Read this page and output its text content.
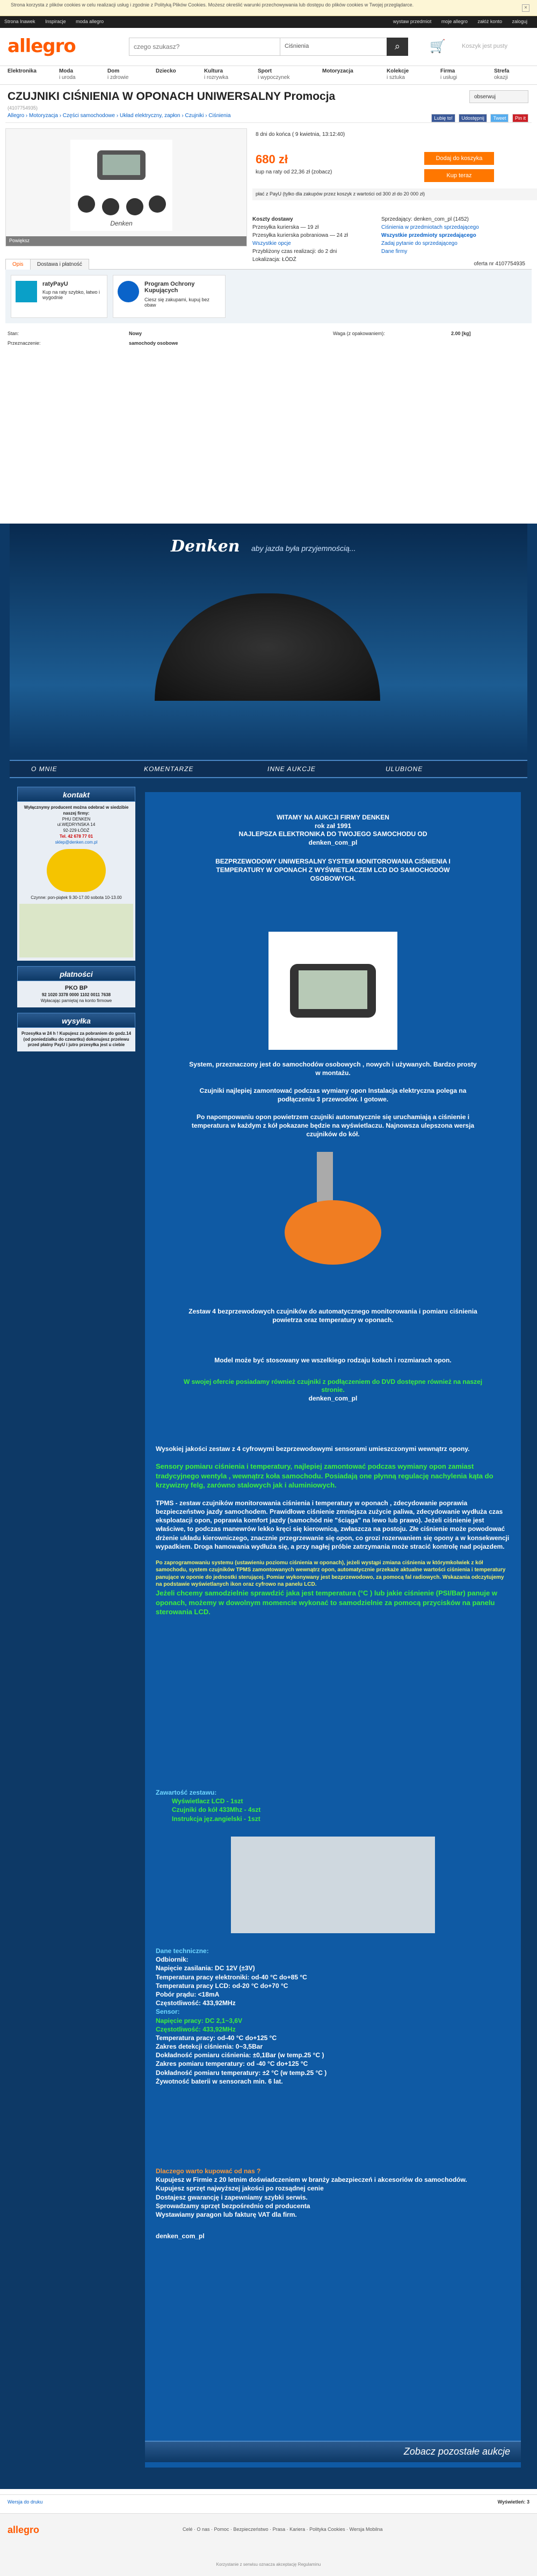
Strona korzysta z plików cookies w celu realizacji usług i zgodnie z Polityką Plików Cookies. Możesz określić warunki przechowywania lub dostępu do plików cookies w Twojej przeglądarce.	×
Strona Inawek Inspiracje moda allegro	wystaw przedmiot moje allegro załóż konto zaloguj
allegro
czego szukasz?	Ciśnienia	⌕	🛒	Koszyk jest pusty
Elektronika	Moda
i uroda
Dom
i zdrowie
Dziecko	Kultura
i rozrywka
Sport
i wypoczynek
Motoryzacja	Kolekcje
i sztuka
Firma
i usługi
Strefa
okazji
CZUJNIKI CIŚNIENIA W OPONACH UNIWERSALNY Promocja
(4107754935)
Allegro › Motoryzacja › Części samochodowe › Układ elektryczny, zapłon › Czujniki › Ciśnienia
obserwuj
Lubię to! Udostępnij Tweet Pin it
Denken
Powiększ
8 dni do końca ( 9 kwietnia, 13:12:40)
680 zł
kup na raty od 22,36 zł (zobacz)
Dodaj do koszyka
Kup teraz
płać z PayU (tylko dla zakupów przez koszyk z wartości od 300 zł do 20 000 zł)
Koszty dostawy
Przesyłka kurierska — 19 zł
Przesyłka kurierska pobraniowa — 24 zł
Wszystkie opcje
Przybliżony czas realizacji: do 2 dni
Lokalizacja: ŁÓDŹ
Sprzedający: denken_com_pl (1452)
Ciśnienia w przedmiotach sprzedającego
Wszystkie przedmioty sprzedającego
Zadaj pytanie do sprzedającego
Dane firmy
Opis	Dostawa i płatność	oferta nr 4107754935
ratyPayU
Kup na raty szybko, łatwo i wygodnie
Program Ochrony Kupujących
Ciesz się zakupami, kupuj bez obaw
Stan:	Nowy	Waga (z opakowaniem):	2.00 [kg]
Przeznaczenie:	samochody osobowe
Denken aby jazda była przyjemnością...
O MNIE	KOMENTARZE	INNE AUKCJE	ULUBIONE
kontakt
Wyłącznymy producent można odebrać w siedzibie naszej firmy:
PHU DENKEN
ul.WĘDRYNSKA 14
92-229 ŁÓDŹ
Tel. 42 678 77 01
sklep@denken.com.pl
Czynne: pon-piątek 9.30-17.00 sobota 10-13.00
płatności
PKO BP
92 1020 3378 0000 1102 0011 7638
Wpłacając pamiętaj na konto firmowe
wysyłka
Przesyłka w 24 h ! Kupujesz za pobraniem do godz.14 (od poniedziałku do czwartku) dokonujesz przelewu przed płatny PayU i jutro przesyłka jest u ciebie
WITAMY NA AUKCJI FIRMY DENKEN
rok zał 1991
NAJLEPSZA ELEKTRONIKA DO TWOJEGO SAMOCHODU OD
denken_com_pl
BEZPRZEWODOWY UNIWERSALNY SYSTEM MONITOROWANIA CIŚNIENIA I TEMPERATURY W OPONACH Z WYŚWIETLACZEM LCD DO SAMOCHODÓW OSOBOWYCH.
System, przeznaczony jest do samochodów osobowych , nowych i używanych. Bardzo prosty w montażu.
Czujniki najlepiej zamontować podczas wymiany opon Instalacja elektryczna polega na podłączeniu 3 przewodów. I gotowe.
Po napompowaniu opon powietrzem czujniki automatycznie się uruchamiają a ciśnienie i temperatura w każdym z kół pokazane będzie na wyświetlaczu. Najnowsza ulepszona wersja czujników do kół.
Zestaw 4 bezprzewodowych czujników do automatycznego monitorowania i pomiaru ciśnienia powietrza oraz temperatury w oponach.
Model może być stosowany we wszelkiego rodzaju kołach i rozmiarach opon.
W swojej ofercie posiadamy również czujniki z podłączeniem do DVD dostępne również na naszej stronie.
denken_com_pl
Wysokiej jakości zestaw z 4 cyfrowymi bezprzewodowymi sensorami umieszczonymi wewnątrz opony.
Sensory pomiaru ciśnienia i temperatury, najlepiej zamontować podczas wymiany opon zamiast tradycyjnego wentyla , wewnątrz koła samochodu. Posiadają one płynną regulację nachylenia kąta do krzywizny felg, zarówno stalowych jak i aluminiowych.
TPMS - zestaw czujników monitorowania ciśnienia i temperatury w oponach , zdecydowanie poprawia bezpieczeństwo jazdy samochodem. Prawidłowe ciśnienie zmniejsza zużycie paliwa, zdecydowanie wydłuża czas eksploatacji opon, poprawia komfort jazdy (samochód nie "ściąga" na lewo lub prawo). Jeżeli ciśnienie jest właściwe, to podczas manewrów lekko kręci się kierownicą, zwłaszcza na postoju. Złe ciśnienie może powodować drżenie układu kierowniczego, znacznie przegrzewanie się opon, co grozi rozerwaniem się opony a w konsekwencji wypadkiem. Droga hamowania wydłuża się, a przy nagłej próbie zatrzymania może stracić kontrolę nad pojazdem.
Po zaprogramowaniu systemu (ustawieniu poziomu ciśnienia w oponach), jeżeli wystąpi zmiana ciśnienia w którymkolwiek z kół samochodu, system czujników TPMS zamontowanych wewnątrz opon, automatycznie przekaże aktualne wartości ciśnienia i temperatury panujące w oponie do jednostki sterującej. Pomiar wykonywany jest bezprzewodowo, za pomocą fal radiowych. Wskazania odczytujemy na podstawie wyświetlanych ikon oraz cyfrowo na panelu LCD.
Jeżeli chcemy samodzielnie sprawdzić jaka jest temperatura (°C ) lub jakie ciśnienie (PSI/Bar) panuje w oponach, możemy w dowolnym momencie wykonać to samodzielnie za pomocą przycisków na panelu sterowania LCD.
Zawartość zestawu:
Wyświetlacz LCD - 1szt
Czujniki do kół 433Mhz - 4szt
Instrukcja jęz.angielski - 1szt
Dane techniczne:
Odbiornik:
Napięcie zasilania: DC 12V (±3V)
Temperatura pracy elektroniki: od-40 °C do+85 °C
Temperatura pracy LCD: od-20 °C do+70 °C
Pobór prądu: <18mA
Częstotliwość: 433,92MHz
Sensor:
Napięcie pracy: DC 2,1~3,6V
Częstotliwość: 433,92MHz
Temperatura pracy: od-40 °C do+125 °C
Zakres detekcji ciśnienia: 0~3,5Bar
Dokładność pomiaru ciśnienia: ±0,1Bar (w temp.25 °C )
Zakres pomiaru temperatury: od -40 °C do+125 °C
Dokładność pomiaru temperatury: ±2 °C (w temp.25 °C )
Żywotność baterii w sensorach min. 6 lat.
Dlaczego warto kupować od nas ?
Kupujesz w Firmie z 20 letnim doświadczeniem w branży zabezpieczeń i akcesoriów do samochodów.
Kupujesz sprzęt najwyższej jakości po rozsądnej cenie
Dostajesz gwarancję i zapewniamy szybki serwis.
Sprowadzamy sprzęt bezpośrednio od producenta
Wystawiamy paragon lub fakturę VAT dla firm.
denken_com_pl
Zobacz pozostałe aukcje
Wersja do druku	Wyświetleń: 3
allegro	Celé · O nas · Pomoc · Bezpieczeństwo · Prasa · Kariera · Polityka Cookies · Wersja Mobilna
Korzystanie z serwisu oznacza akceptację Regulaminu
